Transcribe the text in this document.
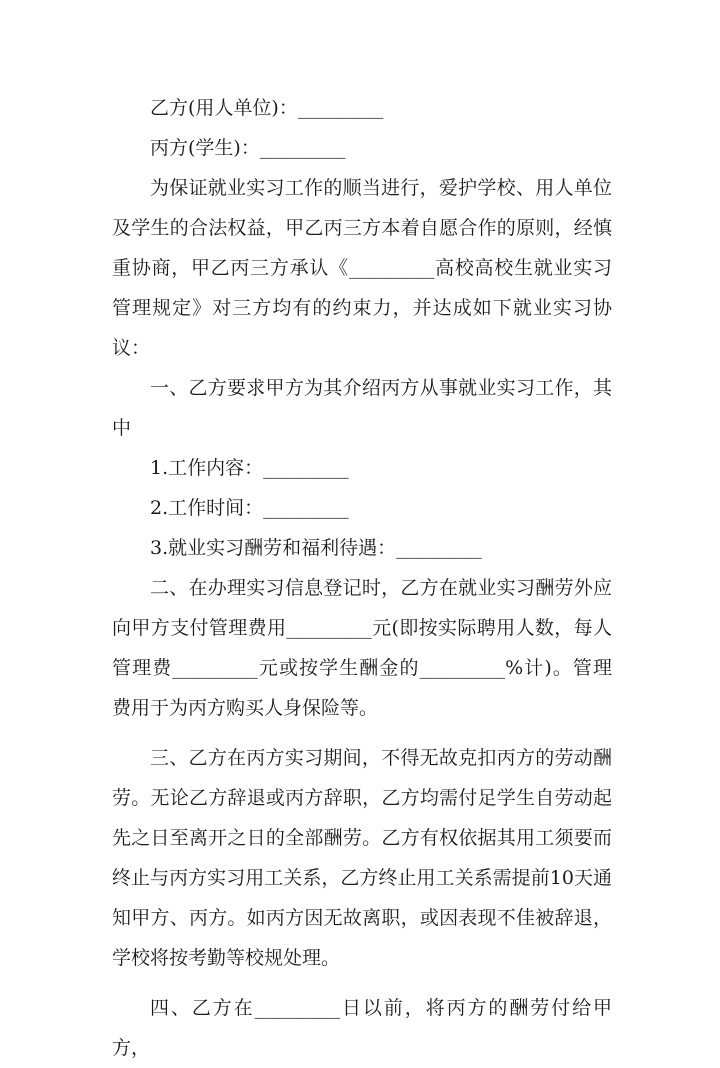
乙方(用人单位)：_________

丙方(学生)：_________

为保证就业实习工作的顺当进行，爱护学校、用人单位及学生的合法权益，甲乙丙三方本着自愿合作的原则，经慎重协商，甲乙丙三方承认《_________高校高校生就业实习管理规定》对三方均有的约束力，并达成如下就业实习协议：

一、乙方要求甲方为其介绍丙方从事就业实习工作，其中

1.工作内容：_________

2.工作时间：_________

3.就业实习酬劳和福利待遇：_________

二、在办理实习信息登记时，乙方在就业实习酬劳外应向甲方支付管理费用_________元(即按实际聘用人数，每人管理费_________元或按学生酬金的_________%计)。管理费用于为丙方购买人身保险等。

三、乙方在丙方实习期间，不得无故克扣丙方的劳动酬劳。无论乙方辞退或丙方辞职，乙方均需付足学生自劳动起先之日至离开之日的全部酬劳。乙方有权依据其用工须要而终止与丙方实习用工关系，乙方终止用工关系需提前10天通知甲方、丙方。如丙方因无故离职，或因表现不佳被辞退，学校将按考勤等校规处理。

四、乙方在_________日以前，将丙方的酬劳付给甲方，
